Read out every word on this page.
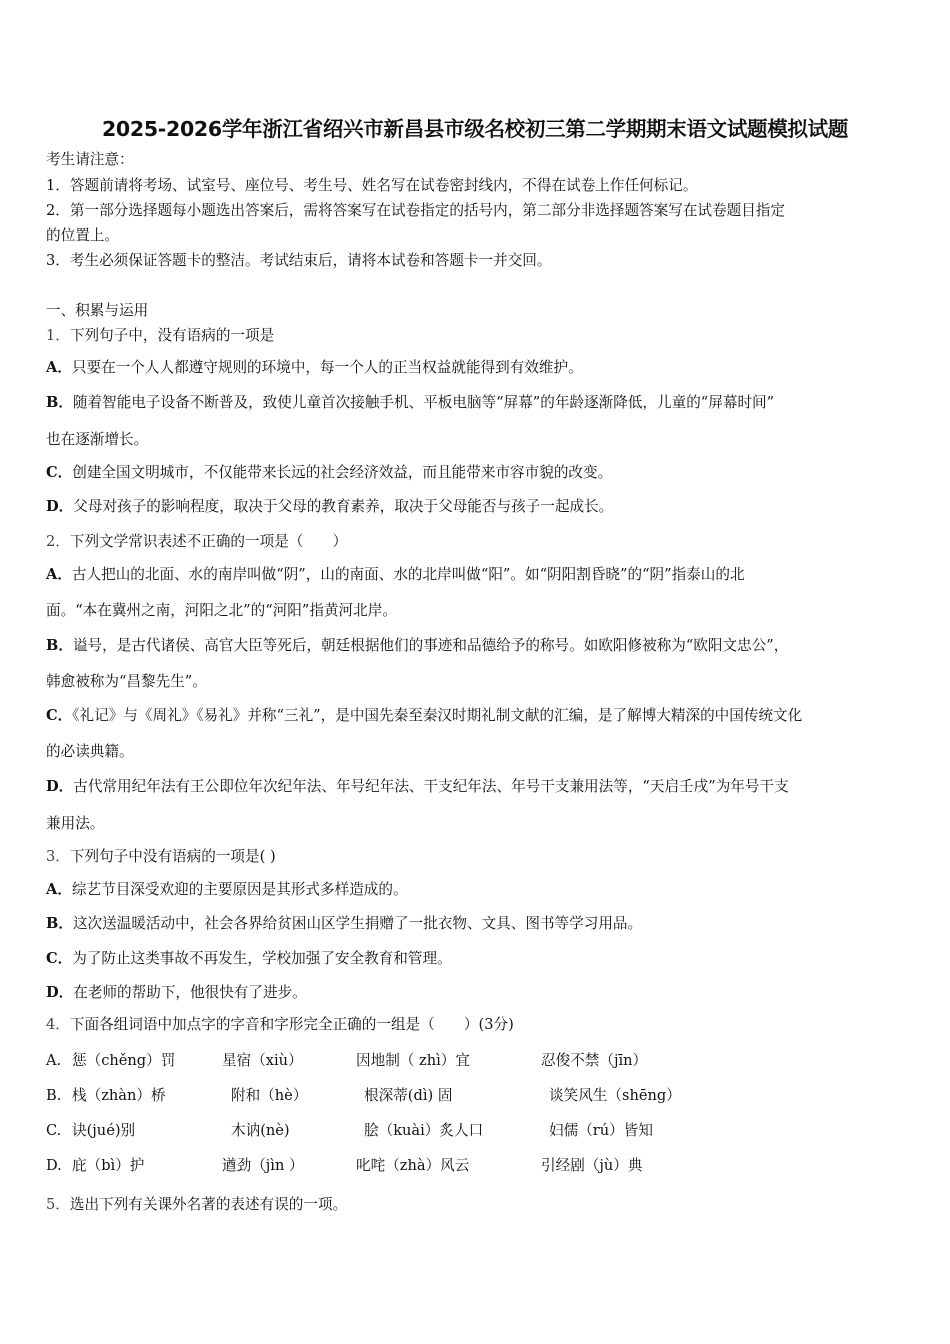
2025-2026学年浙江省绍兴市新昌县市级名校初三第二学期期末语文试题模拟试题
考生请注意：
1．答题前请将考场、试室号、座位号、考生号、姓名写在试卷密封线内，不得在试卷上作任何标记。
2．第一部分选择题每小题选出答案后，需将答案写在试卷指定的括号内，第二部分非选择题答案写在试卷题目指定
的位置上。
3．考生必须保证答题卡的整洁。考试结束后，请将本试卷和答题卡一并交回。
一、积累与运用
1．下列句子中，没有语病的一项是
A．只要在一个人人都遵守规则的环境中，每一个人的正当权益就能得到有效维护。
B．随着智能电子设备不断普及，致使儿童首次接触手机、平板电脑等“屏幕”的年龄逐渐降低，儿童的“屏幕时间”
也在逐渐增长。
C．创建全国文明城市，不仅能带来长远的社会经济效益，而且能带来市容市貌的改变。
D．父母对孩子的影响程度，取决于父母的教育素养，取决于父母能否与孩子一起成长。
2．下列文学常识表述不正确的一项是（　　）
A．古人把山的北面、水的南岸叫做“阴”，山的南面、水的北岸叫做“阳”。如“阴阳割昏晓”的“阴”指泰山的北
面。“本在冀州之南，河阳之北”的“河阳”指黄河北岸。
B．谥号，是古代诸侯、高官大臣等死后，朝廷根据他们的事迹和品德给予的称号。如欧阳修被称为“欧阳文忠公”，
韩愈被称为“昌黎先生”。
C．《礼记》与《周礼》《易礼》并称“三礼”，是中国先秦至秦汉时期礼制文献的汇编，是了解博大精深的中国传统文化
的必读典籍。
D．古代常用纪年法有王公即位年次纪年法、年号纪年法、干支纪年法、年号干支兼用法等，“天启壬戌”为年号干支
兼用法。
3．下列句子中没有语病的一项是( )
A．综艺节目深受欢迎的主要原因是其形式多样造成的。
B．这次送温暖活动中，社会各界给贫困山区学生捐赠了一批衣物、文具、图书等学习用品。
C．为了防止这类事故不再发生，学校加强了安全教育和管理。
D．在老师的帮助下，他很快有了进步。
4．下面各组词语中加点字的字音和字形完全正确的一组是（　　）(3分)
A. 惩（chěng）罚	星宿（xiù）	因地制（ zhì）宜	忍俊不禁（jīn）
B. 栈（zhàn）桥	附和（hè）	根深蒂(dì) 固	谈笑风生（shēng）
C. 诀(jué)别	木讷(nè)	脍（kuài）炙人口	妇儒（rú）皆知
D. 庇（bì）护	遒劲（jìn ）	叱咤（zhà）风云	引经剧（jù）典
5．选出下列有关课外名著的表述有误的一项。
